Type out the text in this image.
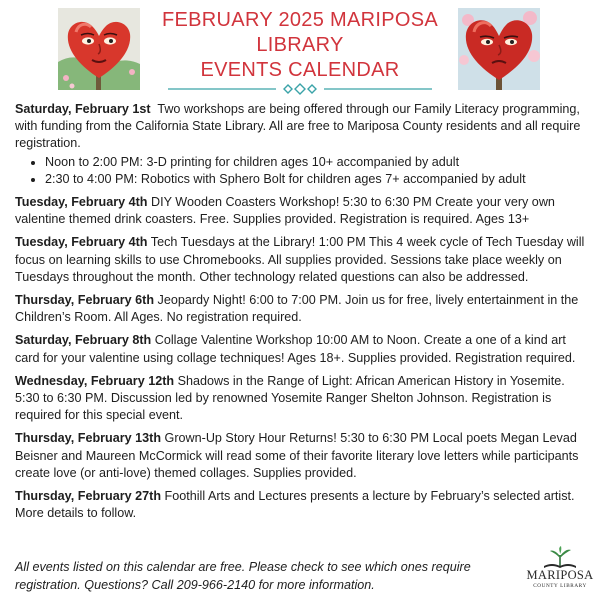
FEBRUARY 2025 MARIPOSA
LIBRARY
EVENTS CALENDAR
Saturday, February 1st Two workshops are being offered through our Family Literacy programming, with funding from the California State Library. All are free to Mariposa County residents and all require registration.
• Noon to 2:00 PM: 3-D printing for children ages 10+ accompanied by adult
• 2:30 to 4:00 PM: Robotics with Sphero Bolt for children ages 7+ accompanied by adult
Tuesday, February 4th DIY Wooden Coasters Workshop! 5:30 to 6:30 PM Create your very own valentine themed drink coasters. Free. Supplies provided. Registration is required. Ages 13+
Tuesday, February 4th Tech Tuesdays at the Library! 1:00 PM This 4 week cycle of Tech Tuesday will focus on learning skills to use Chromebooks. All supplies provided. Sessions take place weekly on Tuesdays throughout the month. Other technology related questions can also be addressed.
Thursday, February 6th Jeopardy Night! 6:00 to 7:00 PM. Join us for free, lively entertainment in the Children’s Room. All Ages. No registration required.
Saturday, February 8th Collage Valentine Workshop 10:00 AM to Noon. Create a one of a kind art card for your valentine using collage techniques! Ages 18+. Supplies provided. Registration required.
Wednesday, February 12th Shadows in the Range of Light: African American History in Yosemite. 5:30 to 6:30 PM. Discussion led by renowned Yosemite Ranger Shelton Johnson. Registration is required for this special event.
Thursday, February 13th Grown-Up Story Hour Returns! 5:30 to 6:30 PM Local poets Megan Levad Beisner and Maureen McCormick will read some of their favorite literary love letters while participants create love (or anti-love) themed collages. Supplies provided.
Thursday, February 27th Foothill Arts and Lectures presents a lecture by February’s selected artist. More details to follow.
All events listed on this calendar are free. Please check to see which ones require registration. Questions? Call 209-966-2140 for more information.
MARIPOSA
COUNTY LIBRARY
